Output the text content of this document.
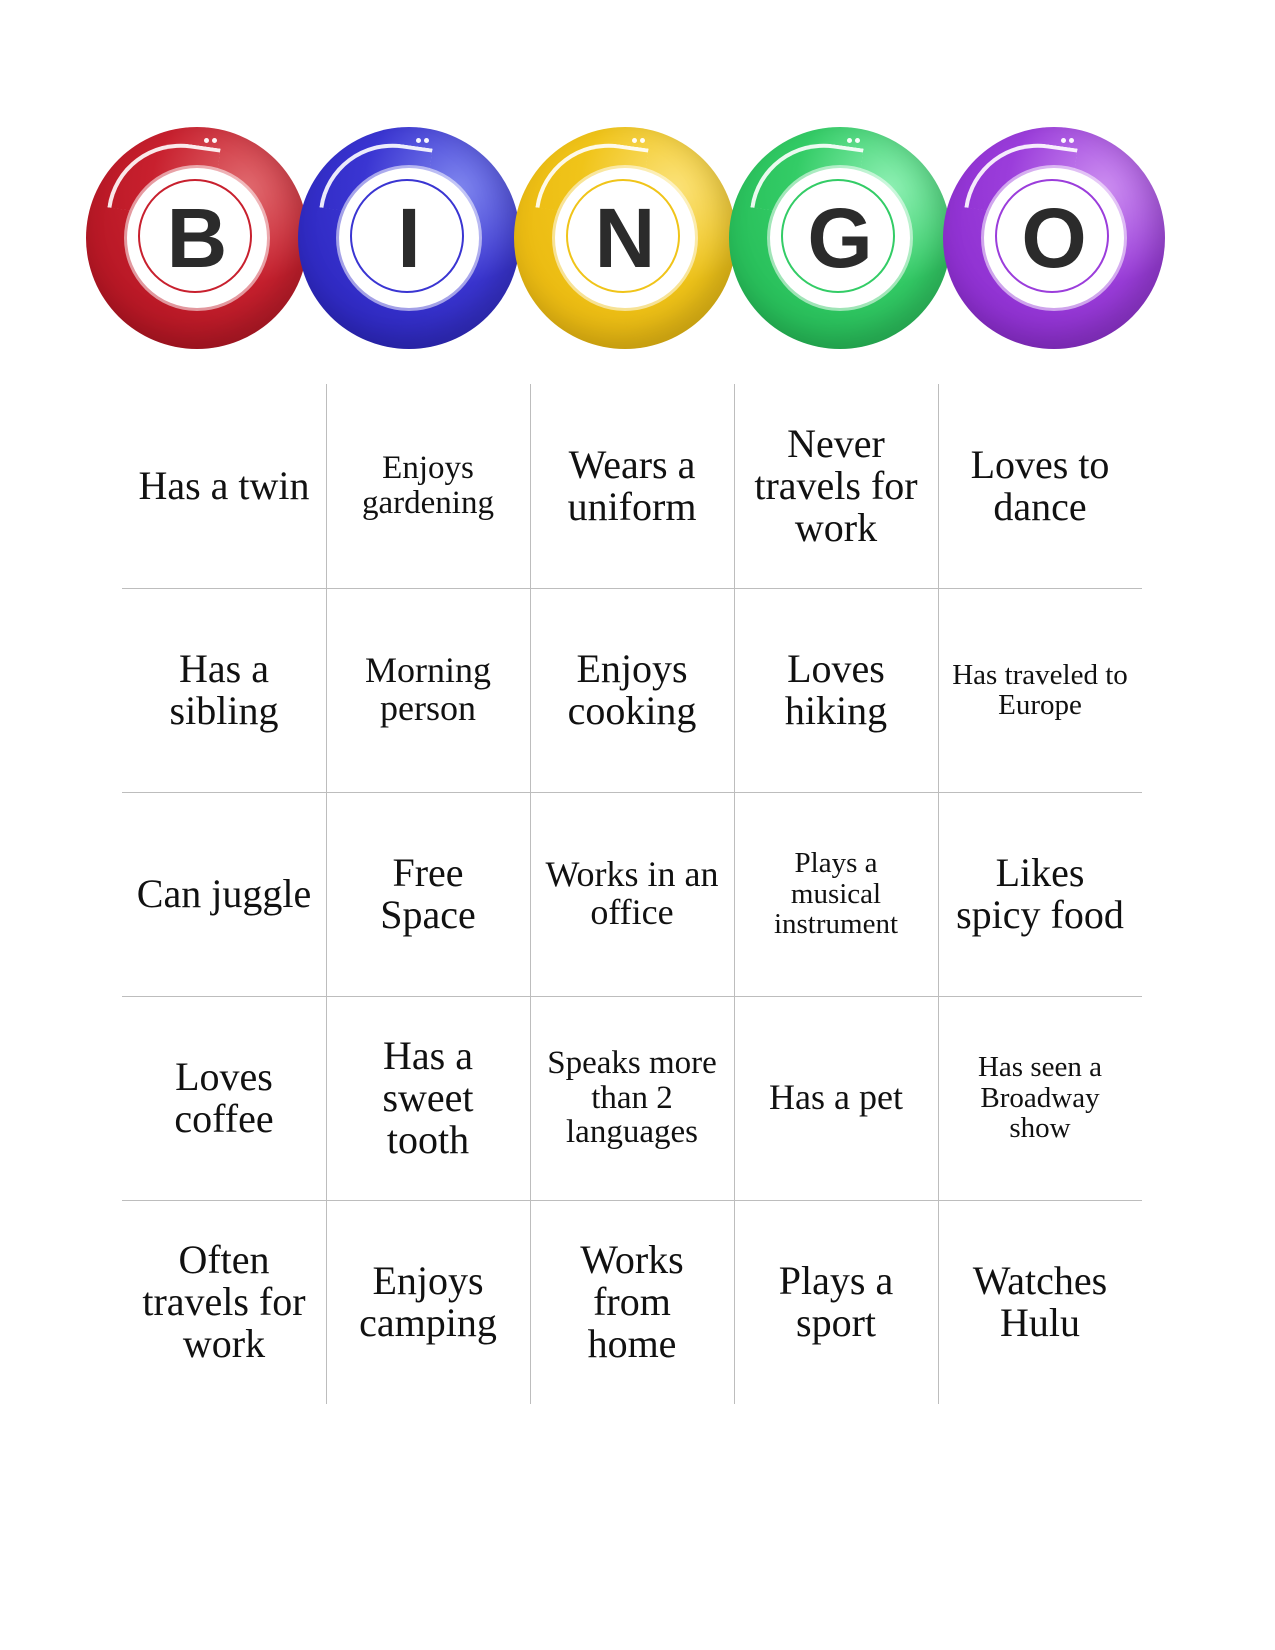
B I N G O
Has a twin	Enjoys gardening
Wears a uniform
Never travels for work
Loves to dance
Has a sibling
Morning person
Enjoys cooking
Loves hiking
Has traveled to Europe
Can juggle	Free Space
Works in an office
Plays a musical instrument
Likes spicy food
Loves coffee
Has a sweet tooth
Speaks more than 2 languages
Has a pet
Has seen a Broadway show
Often travels for work
Enjoys camping
Works from home
Plays a sport
Watches Hulu
